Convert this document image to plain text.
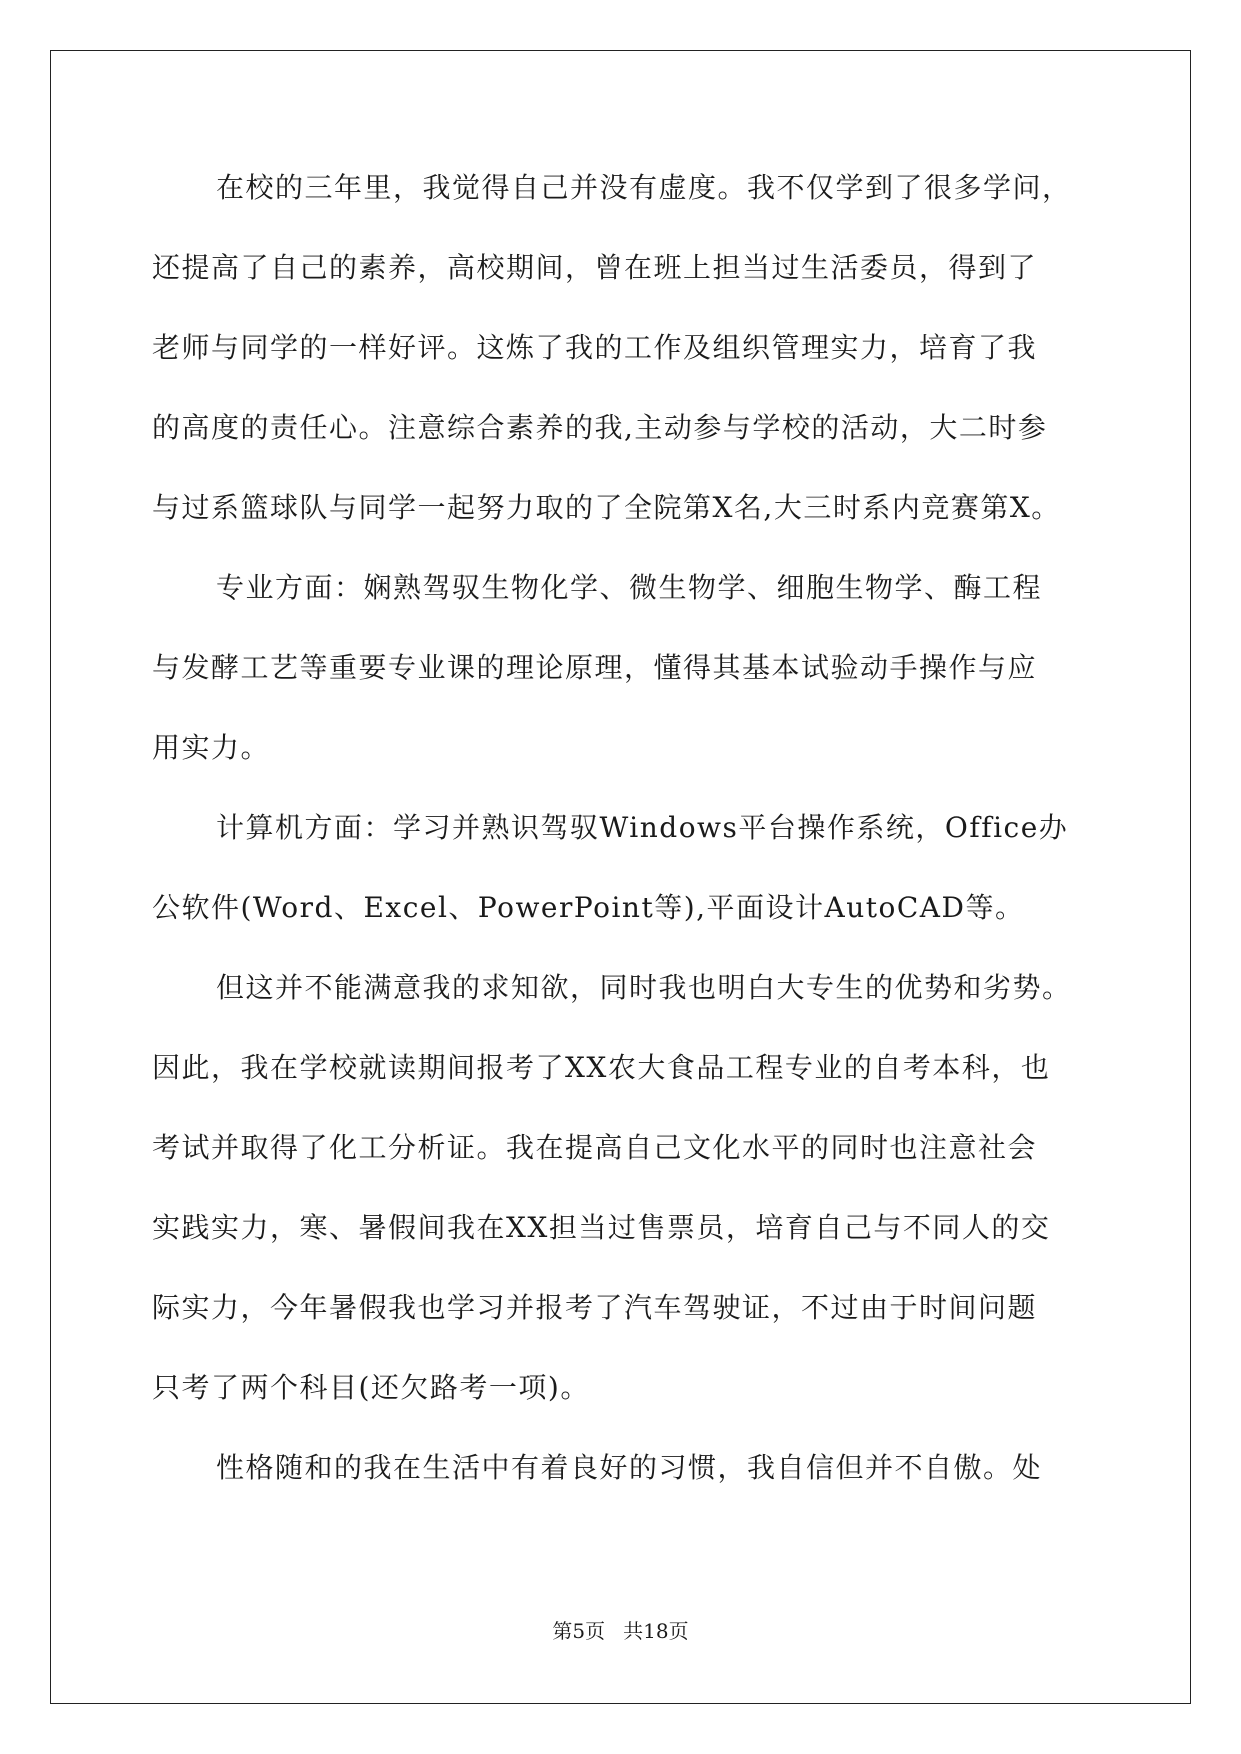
在校的三年里，我觉得自己并没有虚度。我不仅学到了很多学问，
还提高了自己的素养，高校期间，曾在班上担当过生活委员，得到了
老师与同学的一样好评。这炼了我的工作及组织管理实力，培育了我
的高度的责任心。注意综合素养的我,主动参与学校的活动，大二时参
与过系篮球队与同学一起努力取的了全院第X名,大三时系内竞赛第X。
专业方面：娴熟驾驭生物化学、微生物学、细胞生物学、酶工程
与发酵工艺等重要专业课的理论原理，懂得其基本试验动手操作与应
用实力。
计算机方面：学习并熟识驾驭Windows平台操作系统，Office办
公软件(Word、Excel、PowerPoint等),平面设计AutoCAD等。
但这并不能满意我的求知欲，同时我也明白大专生的优势和劣势。
因此，我在学校就读期间报考了XX农大食品工程专业的自考本科，也
考试并取得了化工分析证。我在提高自己文化水平的同时也注意社会
实践实力，寒、暑假间我在XX担当过售票员，培育自己与不同人的交
际实力，今年暑假我也学习并报考了汽车驾驶证，不过由于时间问题
只考了两个科目(还欠路考一项)。
性格随和的我在生活中有着良好的习惯，我自信但并不自傲。处
第5页 共18页
